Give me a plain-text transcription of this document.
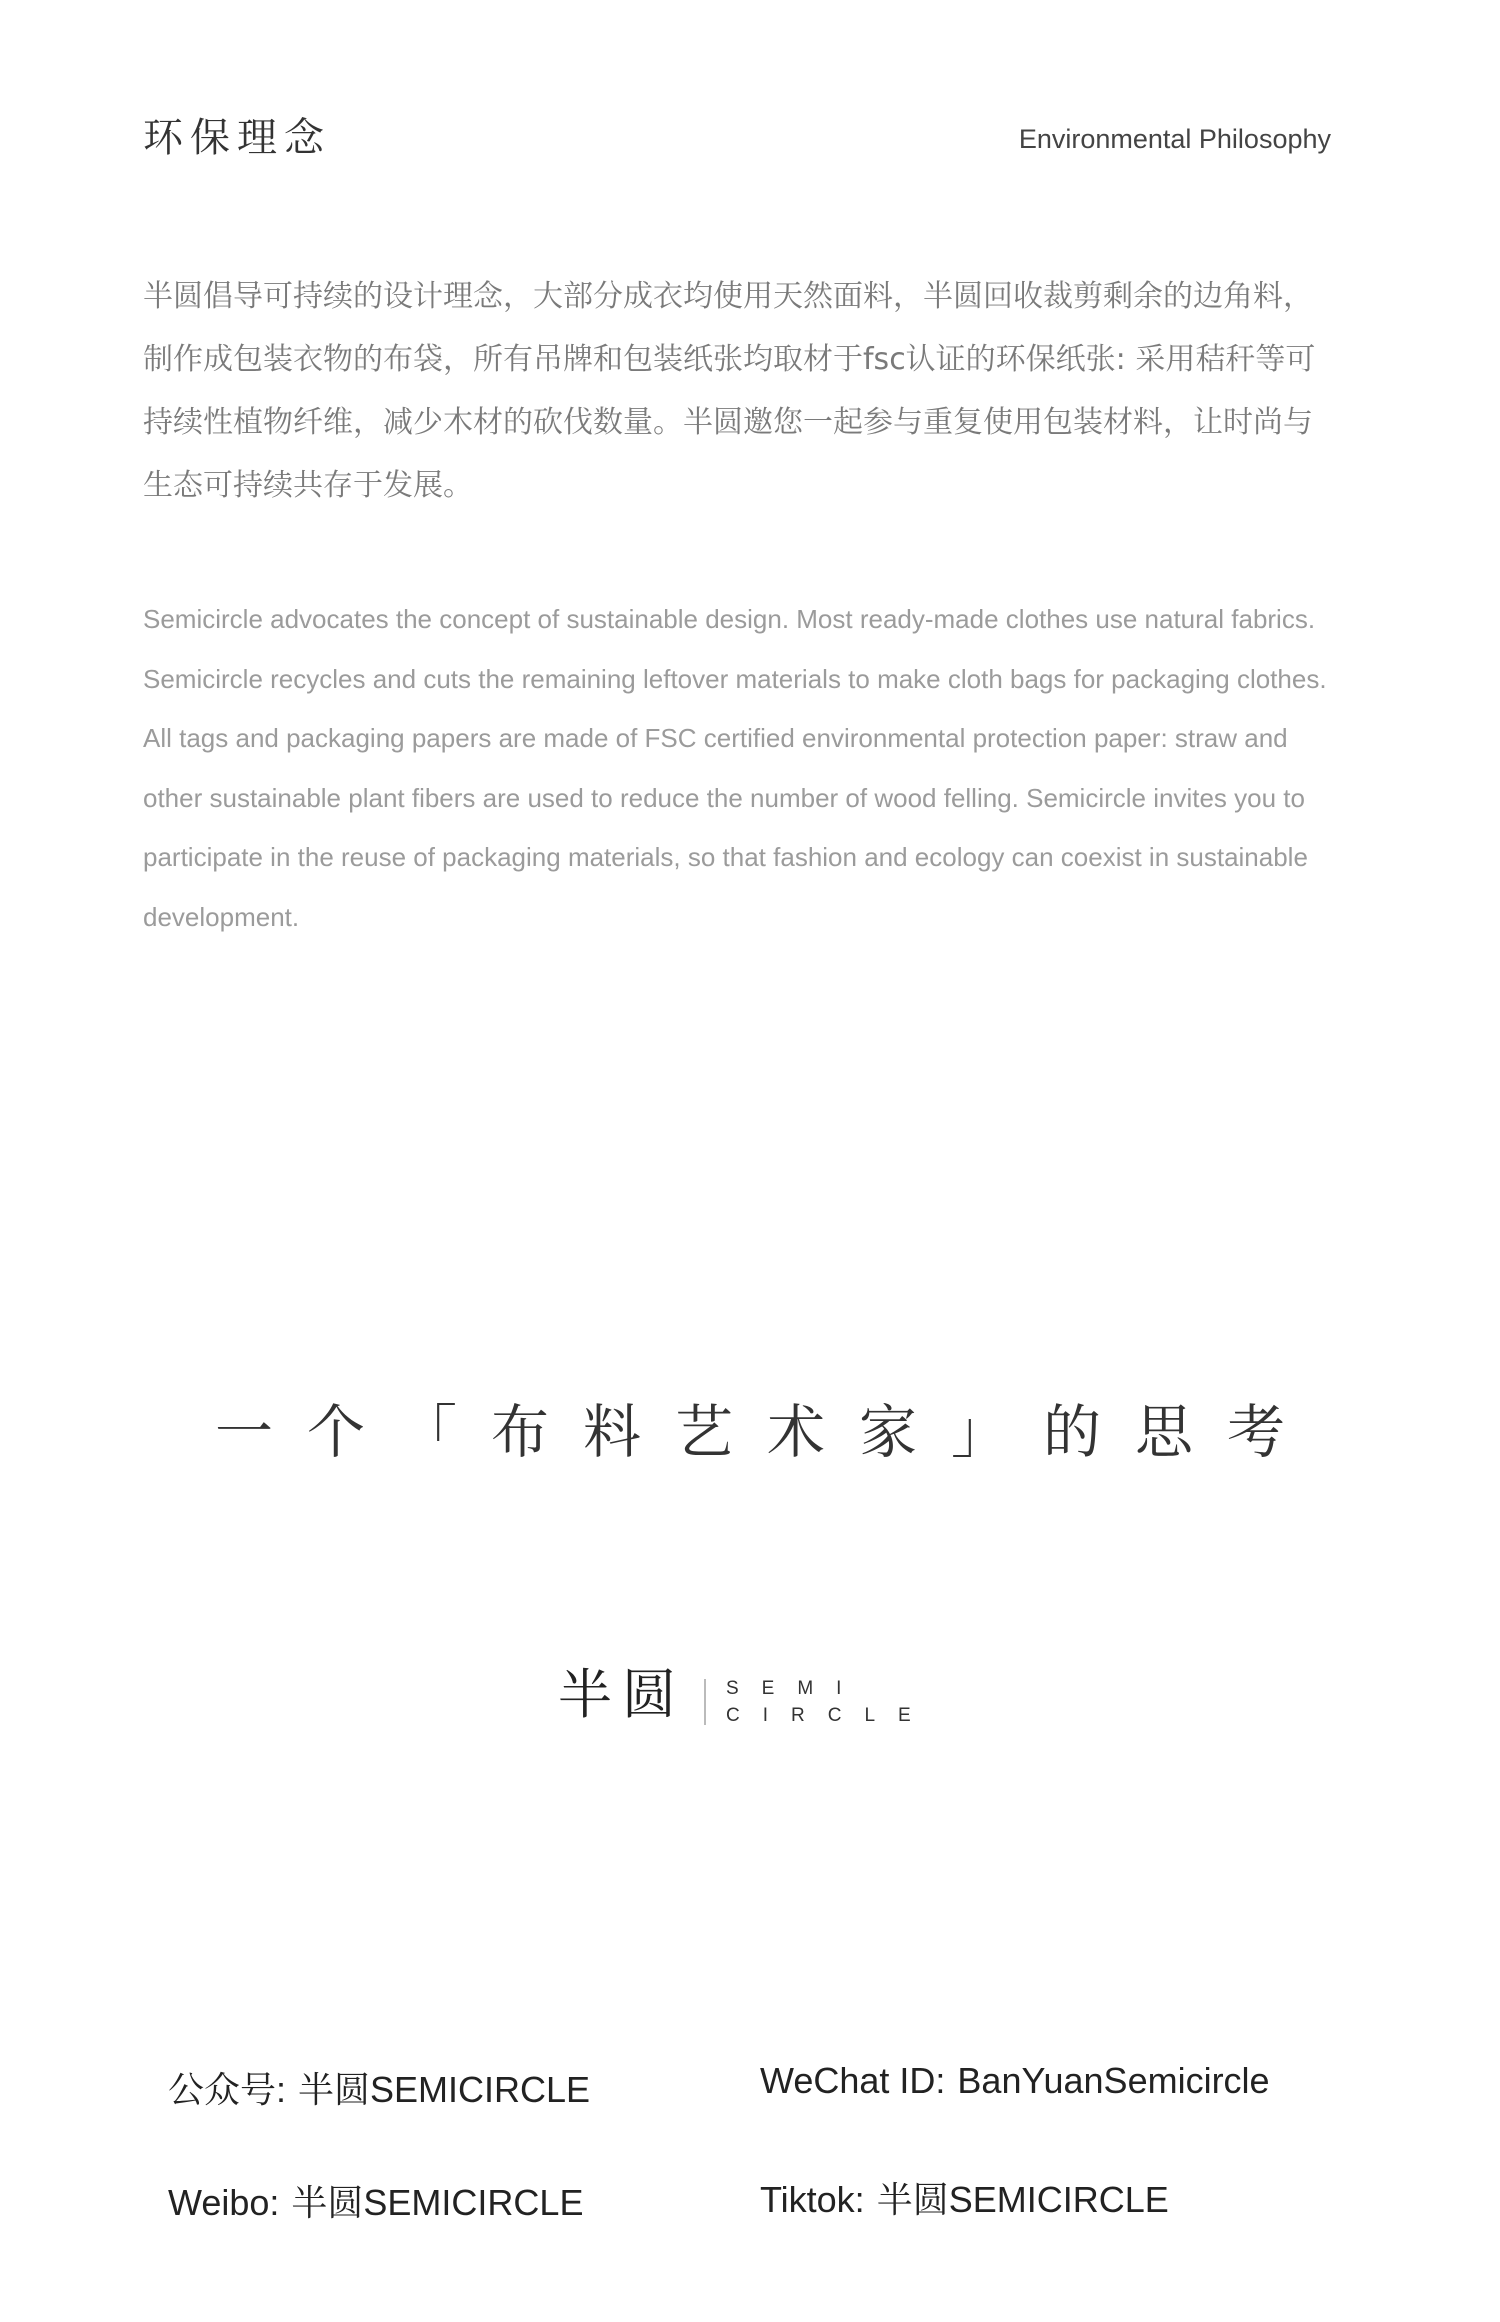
环保理念	Environmental Philosophy

半圆倡导可持续的设计理念，大部分成衣均使用天然面料，半圆回收裁剪剩余的边角料，制作成包装衣物的布袋，所有吊牌和包装纸张均取材于fsc认证的环保纸张: 采用秸秆等可持续性植物纤维，减少木材的砍伐数量。半圆邀您一起参与重复使用包装材料，让时尚与生态可持续共存于发展。

Semicircle advocates the concept of sustainable design. Most ready-made clothes use natural fabrics. Semicircle recycles and cuts the remaining leftover materials to make cloth bags for packaging clothes. All tags and packaging papers are made of FSC certified environmental protection paper: straw and other sustainable plant fibers are used to reduce the number of wood felling. Semicircle invites you to participate in the reuse of packaging materials, so that fashion and ecology can coexist in sustainable development.

一个「布料艺术家」的思考
半圆 SEMI
CIRCLE
公众号: 半圆SEMICIRCLE	WeChat ID: BanYuanSemicircle
Weibo: 半圆SEMICIRCLE	Tiktok: 半圆SEMICIRCLE
